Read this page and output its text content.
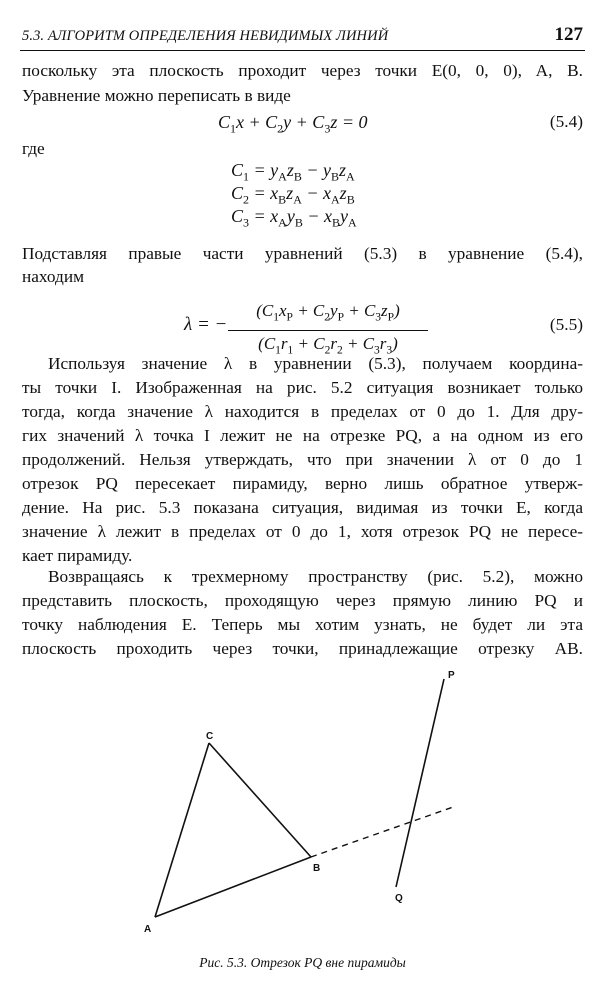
5.3. АЛГОРИТМ ОПРЕДЕЛЕНИЯ НЕВИДИМЫХ ЛИНИЙ	127
поскольку эта плоскость проходит через точки E(0, 0, 0), A, B.
Уравнение можно переписать в виде
$C_1x + C_2y + C_3z = 0$	(5.4)
где
$C_1 = y_Az_B - y_Bz_A$
$C_2 = x_Bz_A - x_Az_B$
$C_3 = x_Ay_B - x_By_A$
Подставляя правые части уравнений (5.3) в уравнение (5.4),
находим
λ = −
$(C_1x_P + C_2y_P + C_3z_P)$
$(C_1r_1 + C_2r_2 + C_3r_3)$
(5.5)
Используя значение λ в уравнении (5.3), получаем координа-
ты точки I. Изображенная на рис. 5.2 ситуация возникает только
тогда, когда значение λ находится в пределах от 0 до 1. Для дру-
гих значений λ точка I лежит не на отрезке PQ, а на одном из его
продолжений. Нельзя утверждать, что при значении λ от 0 до 1
отрезок PQ пересекает пирамиду, верно лишь обратное утверж-
дение. На рис. 5.3 показана ситуация, видимая из точки E, когда
значение λ лежит в пределах от 0 до 1, хотя отрезок PQ не пересе-
кает пирамиду.
Возвращаясь к трехмерному пространству (рис. 5.2), можно
представить плоскость, проходящую через прямую линию PQ и
точку наблюдения E. Теперь мы хотим узнать, не будет ли эта
плоскость проходить через точки, принадлежащие отрезку AB.
A
B
C
P
Q
Рис. 5.3. Отрезок PQ вне пирамиды
